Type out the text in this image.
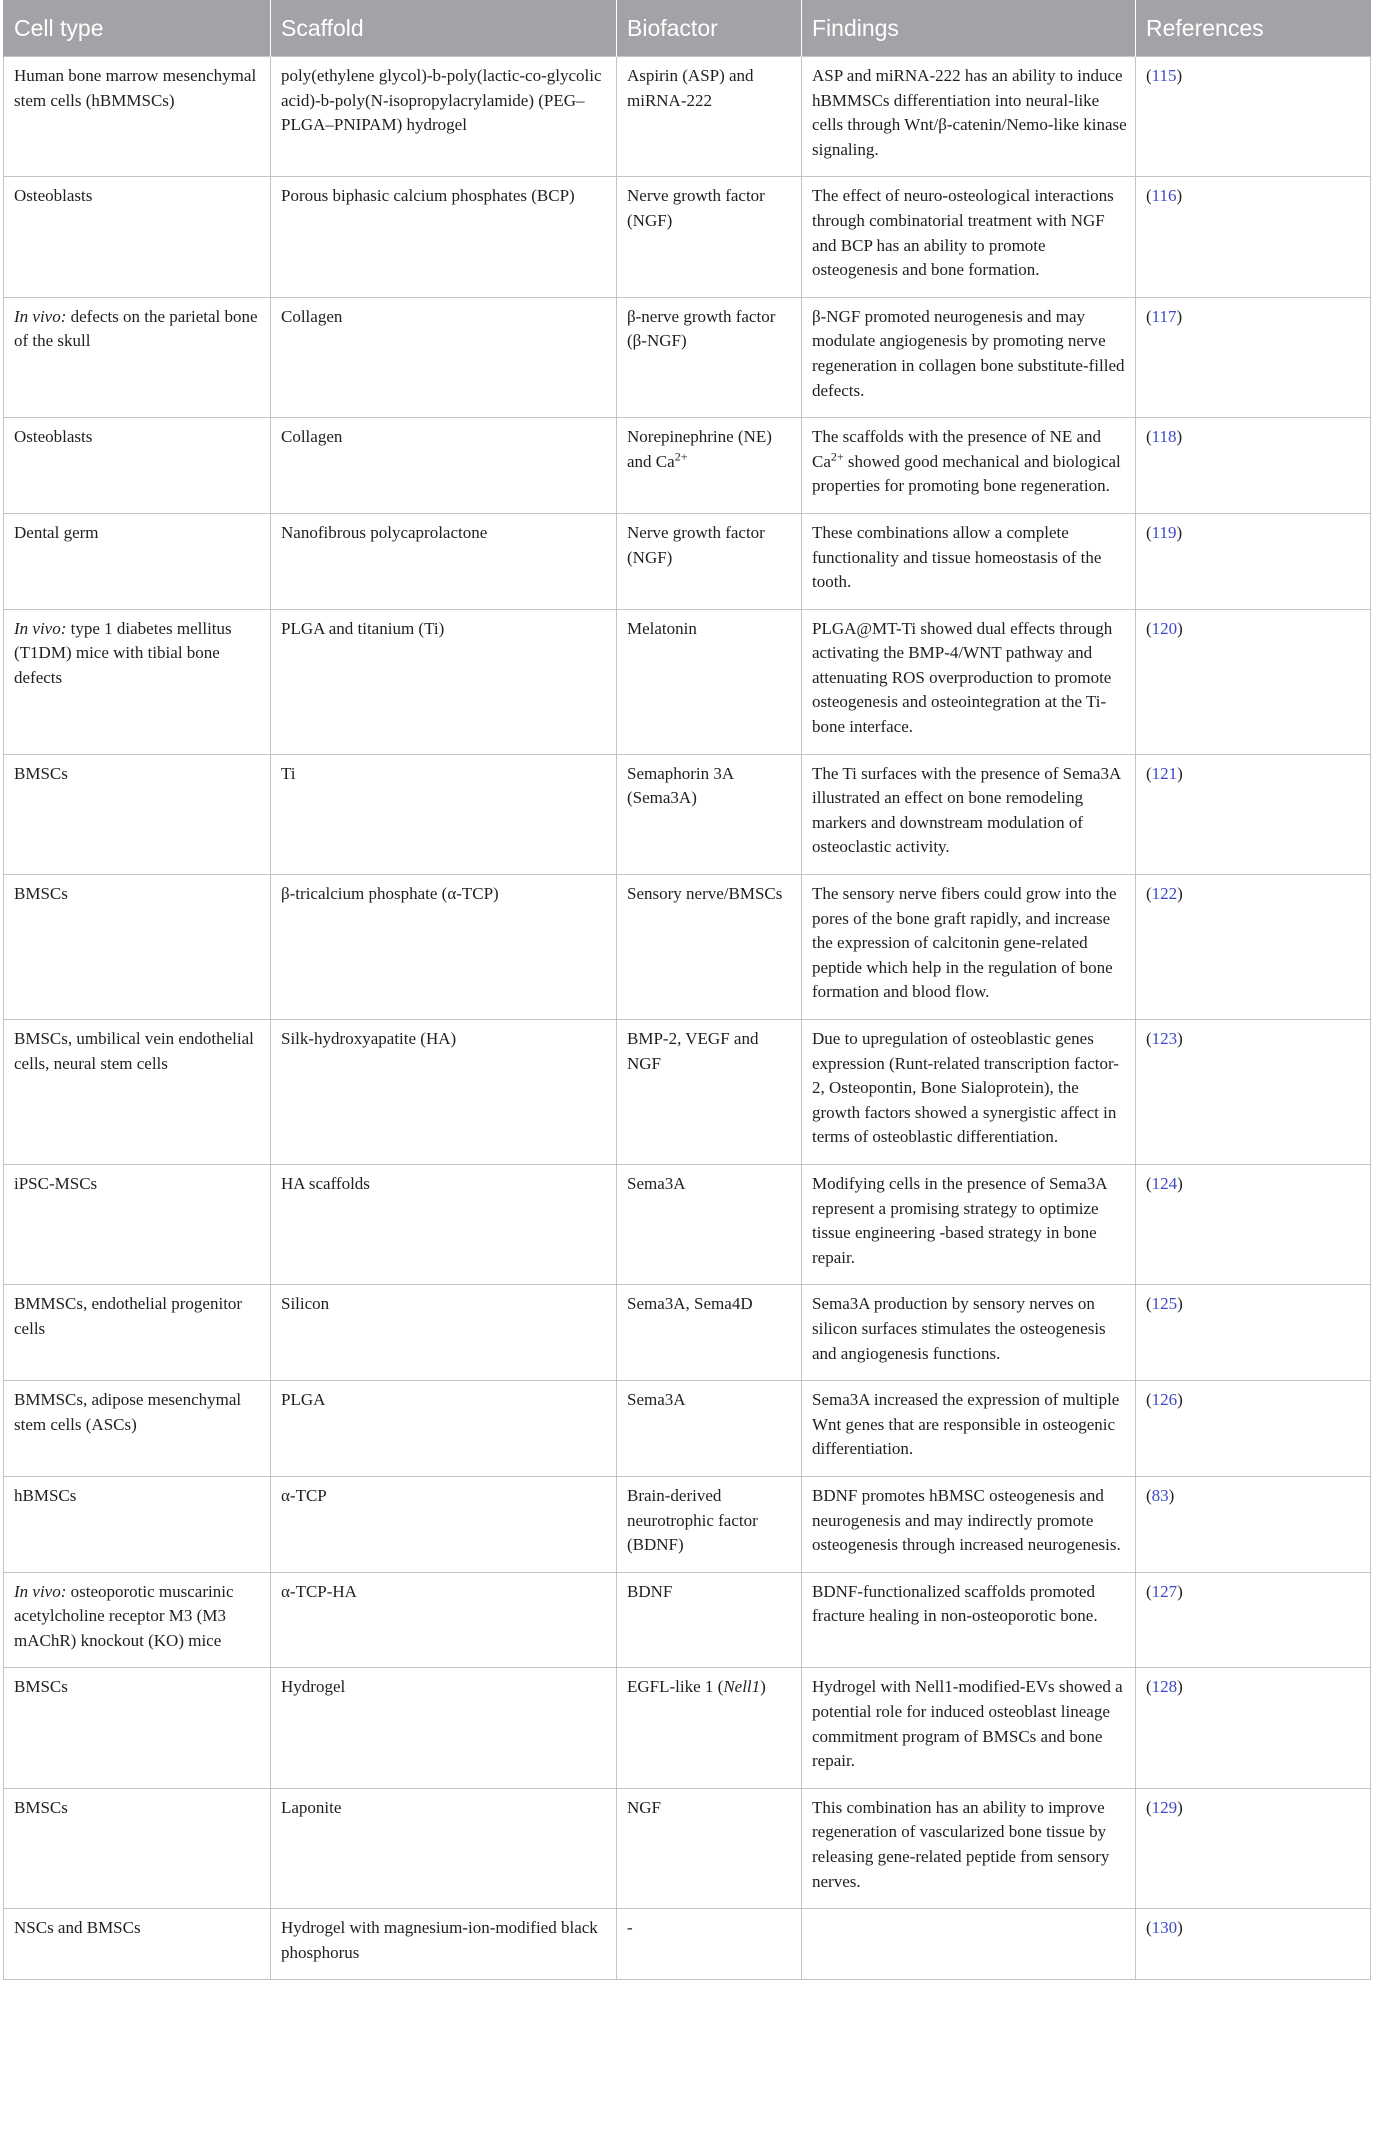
Cell type	Scaffold	Biofactor	Findings	References
Human bone marrow mesenchymal stem cells (hBMMSCs)	poly(ethylene glycol)-b-poly(lactic-co-glycolic acid)-b-poly(N-isopropylacrylamide) (PEG–PLGA–PNIPAM) hydrogel	Aspirin (ASP) and miRNA-222	ASP and miRNA-222 has an ability to induce hBMMSCs differentiation into neural-like cells through Wnt/β-catenin/Nemo-like kinase signaling.	(115)
Osteoblasts	Porous biphasic calcium phosphates (BCP)	Nerve growth factor (NGF)	The effect of neuro-osteological interactions through combinatorial treatment with NGF and BCP has an ability to promote osteogenesis and bone formation.	(116)
In vivo: defects on the parietal bone of the skull	Collagen	β-nerve growth factor (β-NGF)	β-NGF promoted neurogenesis and may modulate angiogenesis by promoting nerve regeneration in collagen bone substitute-filled defects.	(117)
Osteoblasts	Collagen	Norepinephrine (NE) and $Ca^{2+}$	The scaffolds with the presence of NE and $Ca^{2+}$ showed good mechanical and biological properties for promoting bone regeneration.	(118)
Dental germ	Nanofibrous polycaprolactone	Nerve growth factor (NGF)	These combinations allow a complete functionality and tissue homeostasis of the tooth.	(119)
In vivo: type 1 diabetes mellitus (T1DM) mice with tibial bone defects	PLGA and titanium (Ti)	Melatonin	PLGA@MT-Ti showed dual effects through activating the BMP-4/WNT pathway and attenuating ROS overproduction to promote osteogenesis and osteointegration at the Ti-bone interface.	(120)
BMSCs	Ti	Semaphorin 3A (Sema3A)	The Ti surfaces with the presence of Sema3A illustrated an effect on bone remodeling markers and downstream modulation of osteoclastic activity.	(121)
BMSCs	β-tricalcium phosphate (α-TCP)	Sensory nerve/BMSCs	The sensory nerve fibers could grow into the pores of the bone graft rapidly, and increase the expression of calcitonin gene-related peptide which help in the regulation of bone formation and blood flow.	(122)
BMSCs, umbilical vein endothelial cells, neural stem cells	Silk-hydroxyapatite (HA)	BMP-2, VEGF and NGF	Due to upregulation of osteoblastic genes expression (Runt-related transcription factor-2, Osteopontin, Bone Sialoprotein), the growth factors showed a synergistic affect in terms of osteoblastic differentiation.	(123)
iPSC-MSCs	HA scaffolds	Sema3A	Modifying cells in the presence of Sema3A represent a promising strategy to optimize tissue engineering -based strategy in bone repair.	(124)
BMMSCs, endothelial progenitor cells	Silicon	Sema3A, Sema4D	Sema3A production by sensory nerves on silicon surfaces stimulates the osteogenesis and angiogenesis functions.	(125)
BMMSCs, adipose mesenchymal stem cells (ASCs)	PLGA	Sema3A	Sema3A increased the expression of multiple Wnt genes that are responsible in osteogenic differentiation.	(126)
hBMSCs	α-TCP	Brain-derived neurotrophic factor (BDNF)	BDNF promotes hBMSC osteogenesis and neurogenesis and may indirectly promote osteogenesis through increased neurogenesis.	(83)
In vivo: osteoporotic muscarinic acetylcholine receptor M3 (M3 mAChR) knockout (KO) mice	α-TCP-HA	BDNF	BDNF-functionalized scaffolds promoted fracture healing in non-osteoporotic bone.	(127)
BMSCs	Hydrogel	EGFL-like 1 (Nell1)	Hydrogel with Nell1-modified-EVs showed a potential role for induced osteoblast lineage commitment program of BMSCs and bone repair.	(128)
BMSCs	Laponite	NGF	This combination has an ability to improve regeneration of vascularized bone tissue by releasing gene-related peptide from sensory nerves.	(129)
NSCs and BMSCs	Hydrogel with magnesium-ion-modified black phosphorus	-		(130)
